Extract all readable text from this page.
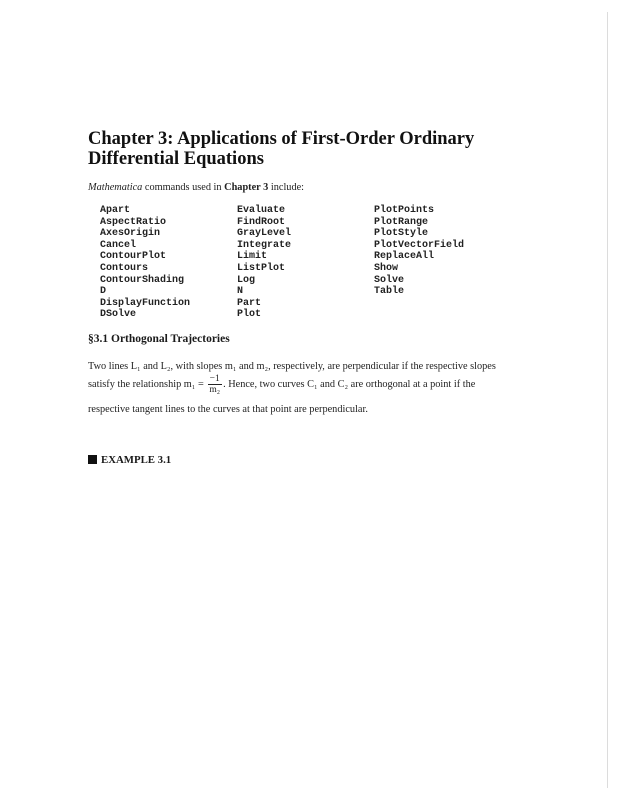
Chapter 3: Applications of First-Order Ordinary
Differential Equations
Mathematica commands used in Chapter 3 include:
Apart
AspectRatio
AxesOrigin
Cancel
ContourPlot
Contours
ContourShading
D
DisplayFunction
DSolve
Evaluate
FindRoot
GrayLevel
Integrate
Limit
ListPlot
Log
N
Part
Plot
PlotPoints
PlotRange
PlotStyle
PlotVectorField
ReplaceAll
Show
Solve
Table
§3.1 Orthogonal Trajectories
Two lines L₁ and L₂, with slopes m₁ and m₂, respectively, are perpendicular if the respective slopes
satisfy the relationship $m_1 = \frac{-1}{\text{m₂}}$ . Hence, two curves C₁ and C₂ are orthogonal at a point if the
respective tangent lines to the curves at that point are perpendicular.
EXAMPLE 3.1
